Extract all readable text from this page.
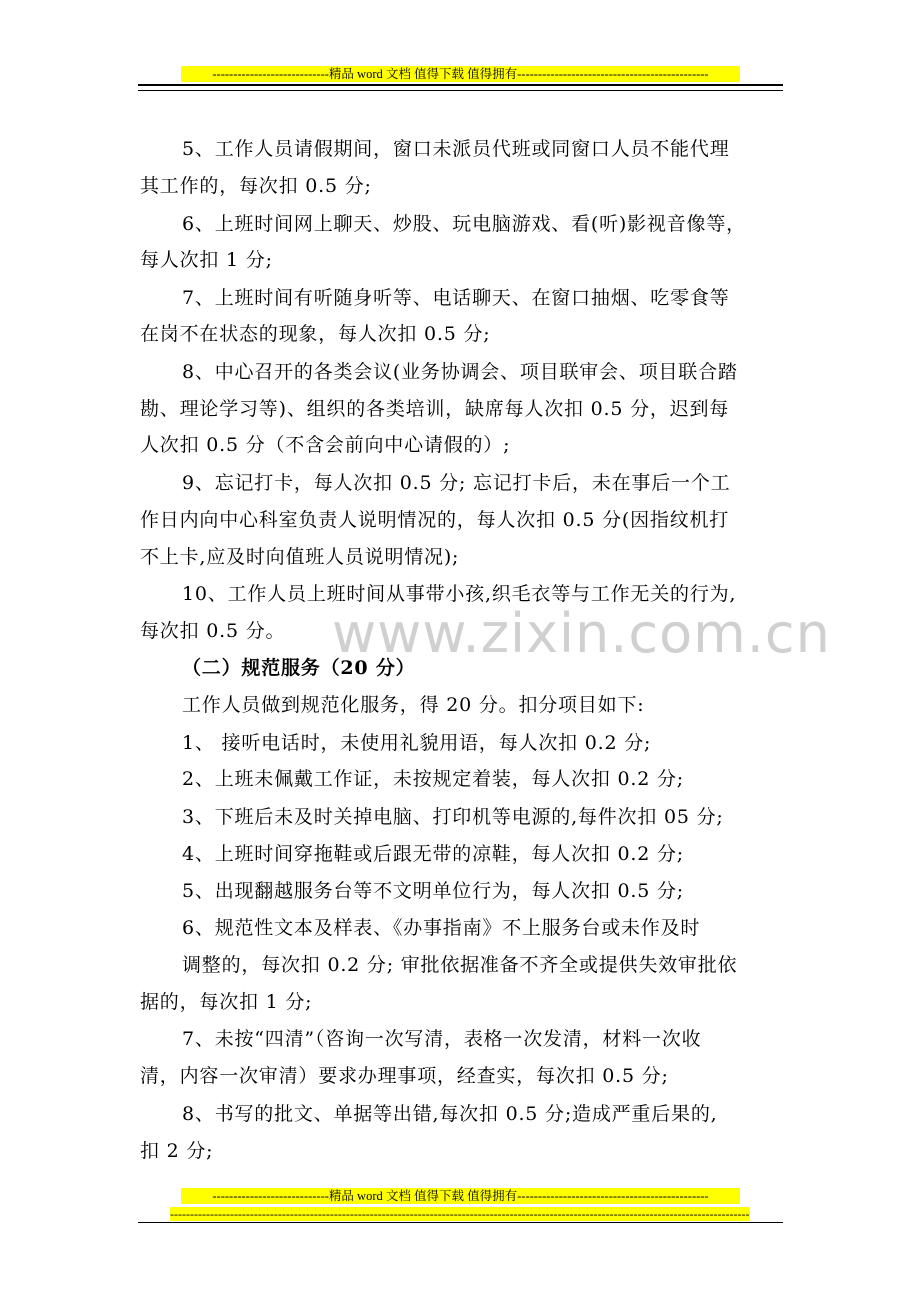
----------------------------精品 word 文档 值得下载 值得拥有----------------------------------------------
www.zixin.com.cn
5、工作人员请假期间，窗口未派员代班或同窗口人员不能代理
其工作的，每次扣 0.5 分;
6、上班时间网上聊天、炒股、玩电脑游戏、看(听)影视音像等，
每人次扣 1 分;
7、上班时间有听随身听等、电话聊天、在窗口抽烟、吃零食等
在岗不在状态的现象，每人次扣 0.5 分;
8、中心召开的各类会议(业务协调会、项目联审会、项目联合踏
勘、理论学习等)、组织的各类培训，缺席每人次扣 0.5 分，迟到每
人次扣 0.5 分（不含会前向中心请假的）;
9、忘记打卡，每人次扣 0.5 分; 忘记打卡后，未在事后一个工
作日内向中心科室负责人说明情况的，每人次扣 0.5 分(因指纹机打
不上卡,应及时向值班人员说明情况);
10、工作人员上班时间从事带小孩,织毛衣等与工作无关的行为,
每次扣 0.5 分。
（二）规范服务（20 分）
工作人员做到规范化服务，得 20 分。扣分项目如下:
1、 接听电话时，未使用礼貌用语，每人次扣 0.2 分;
2、上班未佩戴工作证，未按规定着装，每人次扣 0.2 分;
3、下班后未及时关掉电脑、打印机等电源的,每件次扣 05 分;
4、上班时间穿拖鞋或后跟无带的凉鞋，每人次扣 0.2 分;
5、出现翻越服务台等不文明单位行为，每人次扣 0.5 分;
6、规范性文本及样表、《办事指南》不上服务台或未作及时
调整的，每次扣 0.2 分; 审批依据准备不齐全或提供失效审批依
据的，每次扣 1 分;
7、未按“四清”（咨询一次写清，表格一次发清，材料一次收
清，内容一次审清）要求办理事项，经查实，每次扣 0.5 分;
8、书写的批文、单据等出错,每次扣 0.5 分;造成严重后果的,
扣 2 分;
----------------------------精品 word 文档 值得下载 值得拥有----------------------------------------------
-------------------------------------------------------------------------------------------------------------------------------------------------
